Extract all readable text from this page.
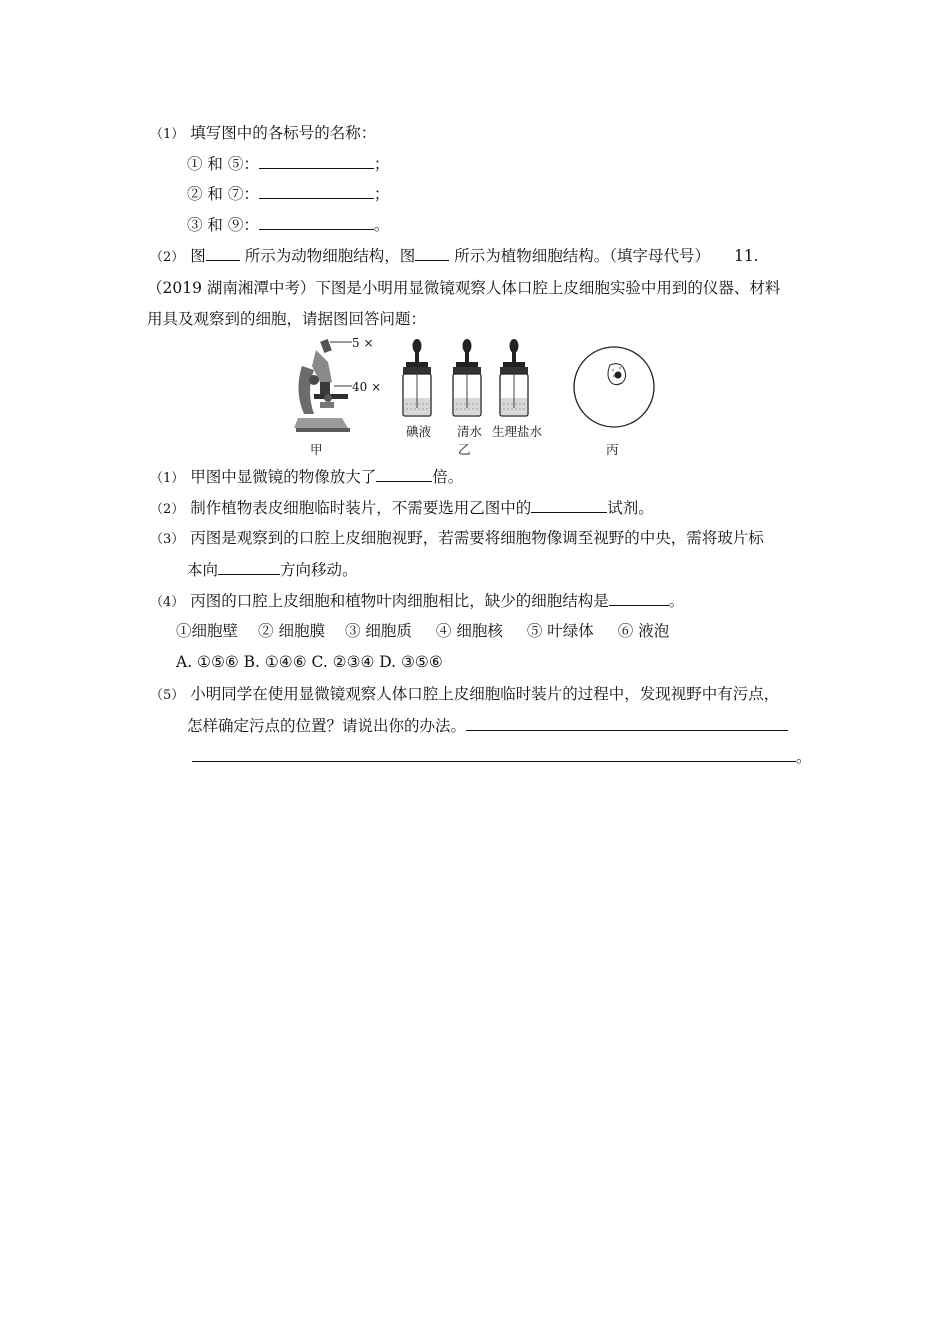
（1） 填写图中的各标号的名称：
① 和 ⑤：	；
② 和 ⑦：	；
③ 和 ⑨：	。
（2） 图	所示为动物细胞结构，图	所示为植物细胞结构。（填字母代号） 11.
（2019 湖南湘潭中考）下图是小明用显微镜观察人体口腔上皮细胞实验中用到的仪器、材料
用具及观察到的细胞，请据图回答问题：
5 ×
40 ×
甲
碘液 清水 生理盐水
乙	丙
（1） 甲图中显微镜的物像放大了	倍。
（2） 制作植物表皮细胞临时装片，不需要选用乙图中的	试剂。
（3） 丙图是观察到的口腔上皮细胞视野，若需要将细胞物像调至视野的中央，需将玻片标
本向	方向移动。
（4） 丙图的口腔上皮细胞和植物叶肉细胞相比，缺少的细胞结构是	。
①细胞壁 ② 细胞膜 ③ 细胞质 ④ 细胞核 ⑤ 叶绿体 ⑥ 液泡
A. ①⑤⑥ B. ①④⑥ C. ②③④ D. ③⑤⑥
（5） 小明同学在使用显微镜观察人体口腔上皮细胞临时装片的过程中，发现视野中有污点，
怎样确定污点的位置？请说出你的办法。
。
